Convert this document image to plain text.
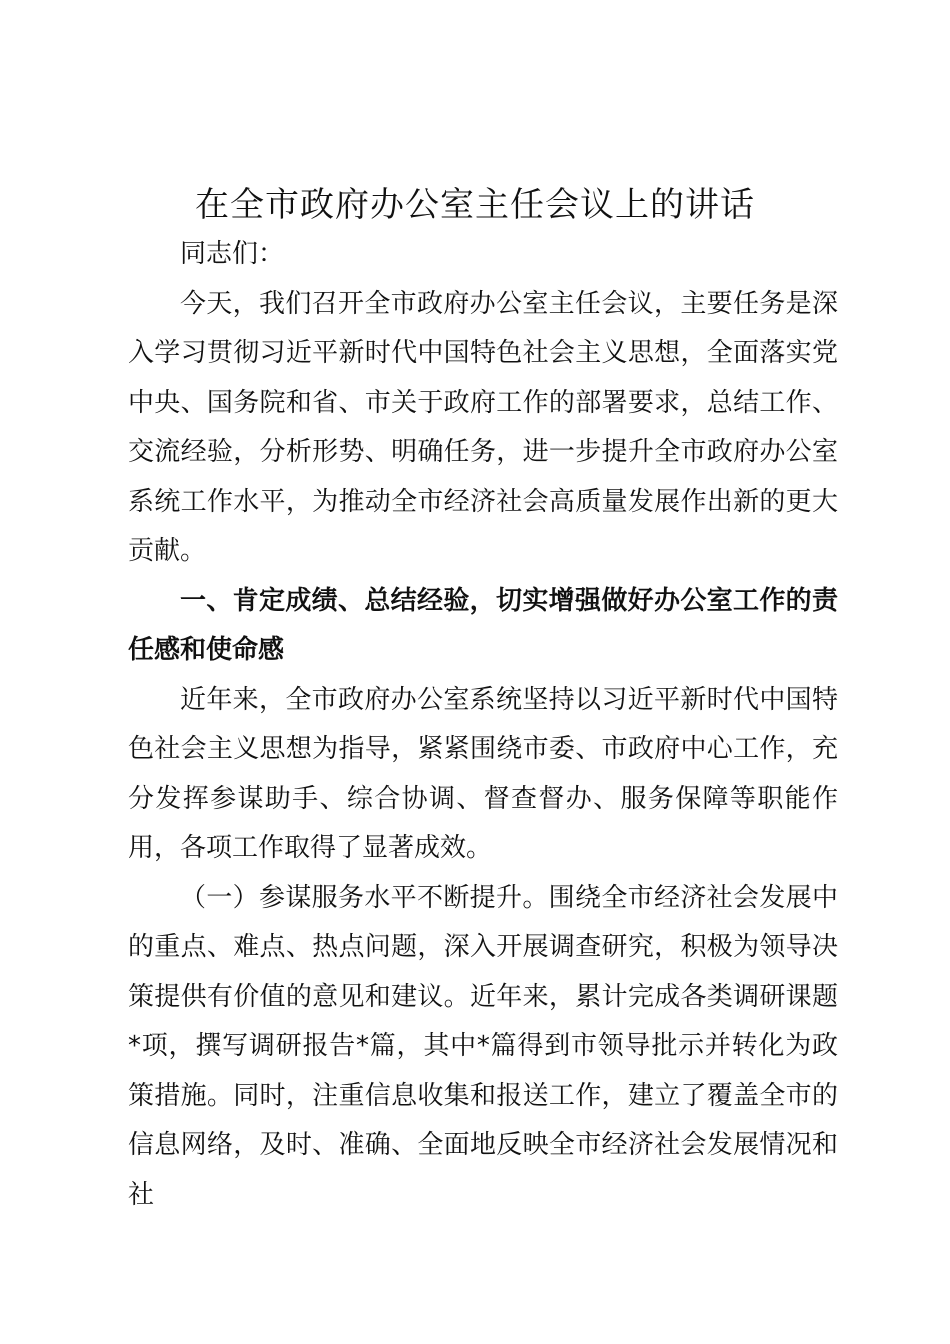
在全市政府办公室主任会议上的讲话

同志们：

今天，我们召开全市政府办公室主任会议，主要任务是深入学习贯彻习近平新时代中国特色社会主义思想，全面落实党中央、国务院和省、市关于政府工作的部署要求，总结工作、交流经验，分析形势、明确任务，进一步提升全市政府办公室系统工作水平，为推动全市经济社会高质量发展作出新的更大贡献。

一、肯定成绩、总结经验，切实增强做好办公室工作的责任感和使命感

近年来，全市政府办公室系统坚持以习近平新时代中国特色社会主义思想为指导，紧紧围绕市委、市政府中心工作，充分发挥参谋助手、综合协调、督查督办、服务保障等职能作用，各项工作取得了显著成效。

（一）参谋服务水平不断提升。围绕全市经济社会发展中的重点、难点、热点问题，深入开展调查研究，积极为领导决策提供有价值的意见和建议。近年来，累计完成各类调研课题*项，撰写调研报告*篇，其中*篇得到市领导批示并转化为政策措施。同时，注重信息收集和报送工作，建立了覆盖全市的信息网络，及时、准确、全面地反映全市经济社会发展情况和社
